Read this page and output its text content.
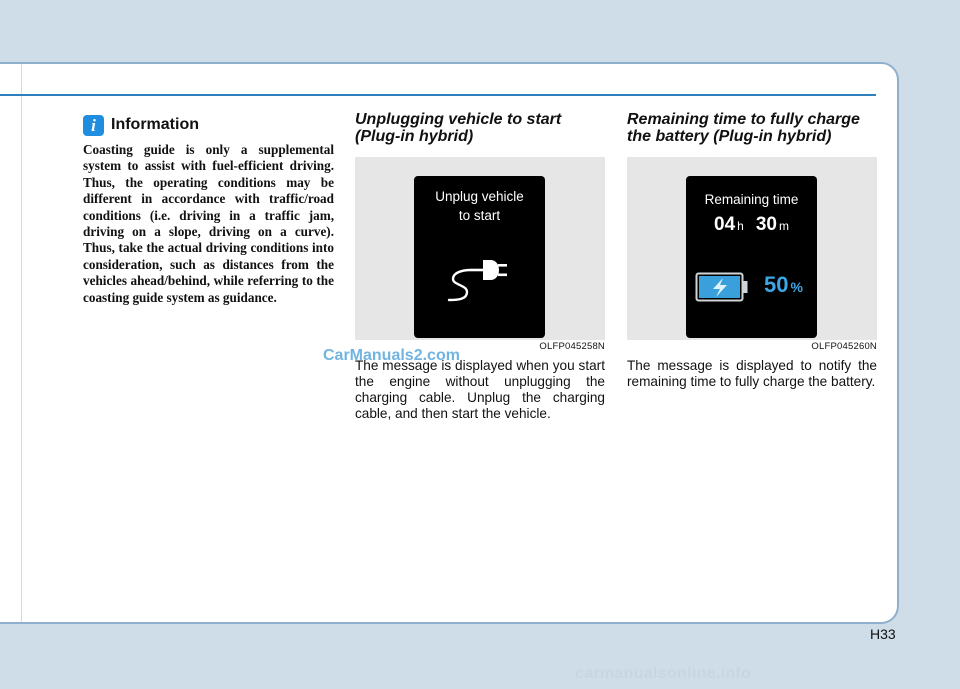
i Information

Coasting guide is only a supplemental system to assist with fuel-efficient driving. Thus, the operating conditions may be different in accordance with traffic/road conditions (i.e. driving in a traffic jam, driving on a slope, driving on a curve). Thus, take the actual driving conditions into consideration, such as distances from the vehicles ahead/behind, while referring to the coasting guide system as guidance.

Unplugging vehicle to start (Plug-in hybrid)
Unplug vehicle
to start
OLFP045258N

The message is displayed when you start the engine without unplugging the charging cable. Unplug the charging cable, and then start the vehicle.

Remaining time to fully charge the battery (Plug-in hybrid)
Remaining time
04 h 30 m
50 %
OLFP045260N

The message is displayed to notify the remaining time to fully charge the battery.

CarManuals2.com
H33
carmanualsonline.info
